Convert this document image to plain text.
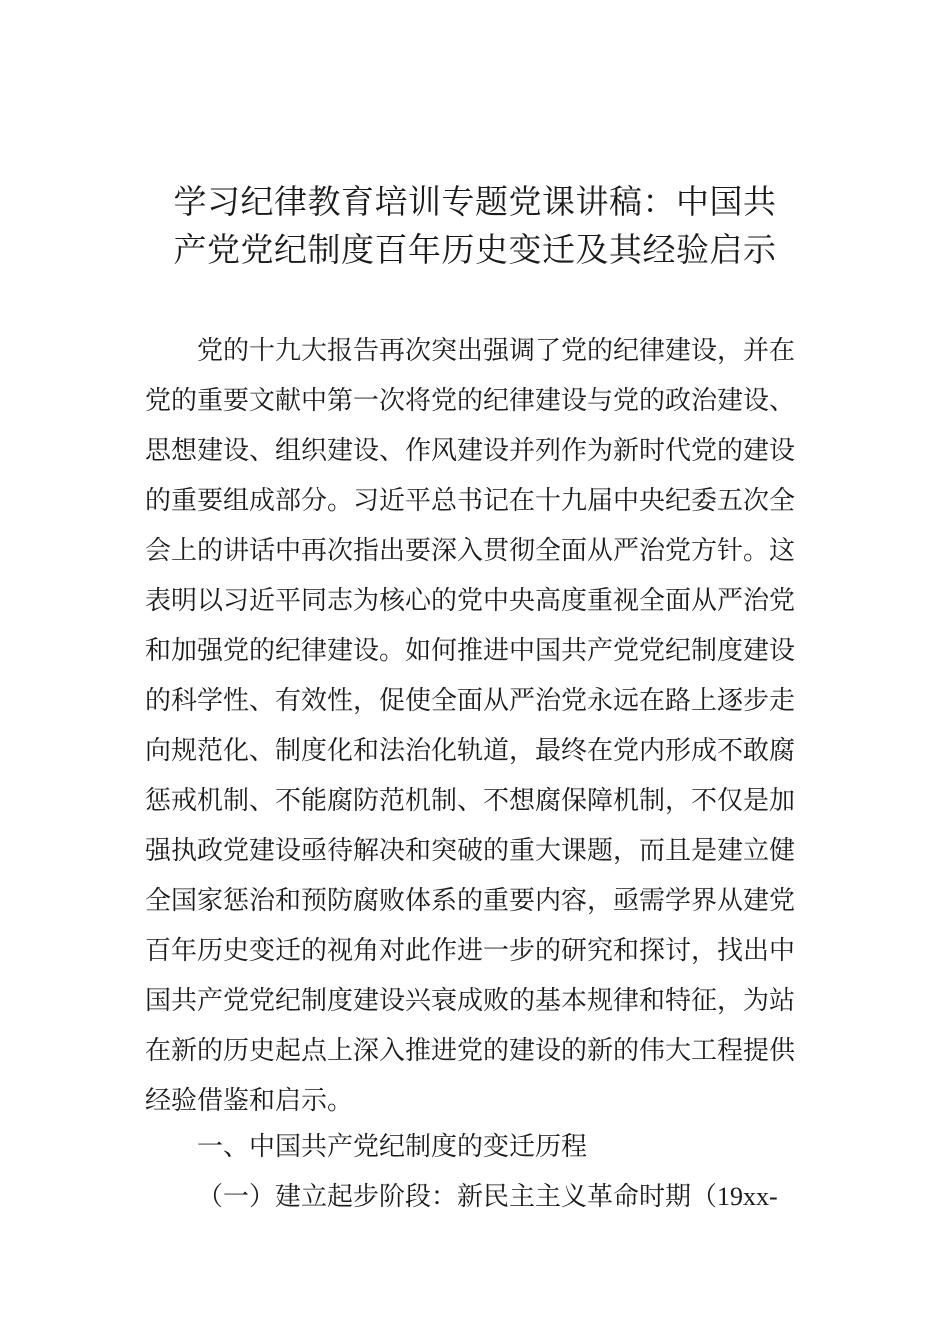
学习纪律教育培训专题党课讲稿：中国共
产党党纪制度百年历史变迁及其经验启示
党的十九大报告再次突出强调了党的纪律建设，并在
党的重要文献中第一次将党的纪律建设与党的政治建设、
思想建设、组织建设、作风建设并列作为新时代党的建设
的重要组成部分。习近平总书记在十九届中央纪委五次全
会上的讲话中再次指出要深入贯彻全面从严治党方针。这
表明以习近平同志为核心的党中央高度重视全面从严治党
和加强党的纪律建设。如何推进中国共产党党纪制度建设
的科学性、有效性，促使全面从严治党永远在路上逐步走
向规范化、制度化和法治化轨道，最终在党内形成不敢腐
惩戒机制、不能腐防范机制、不想腐保障机制，不仅是加
强执政党建设亟待解决和突破的重大课题，而且是建立健
全国家惩治和预防腐败体系的重要内容，亟需学界从建党
百年历史变迁的视角对此作进一步的研究和探讨，找出中
国共产党党纪制度建设兴衰成败的基本规律和特征，为站
在新的历史起点上深入推进党的建设的新的伟大工程提供
经验借鉴和启示。
一、中国共产党纪制度的变迁历程
（一）建立起步阶段：新民主主义革命时期（19xx-
